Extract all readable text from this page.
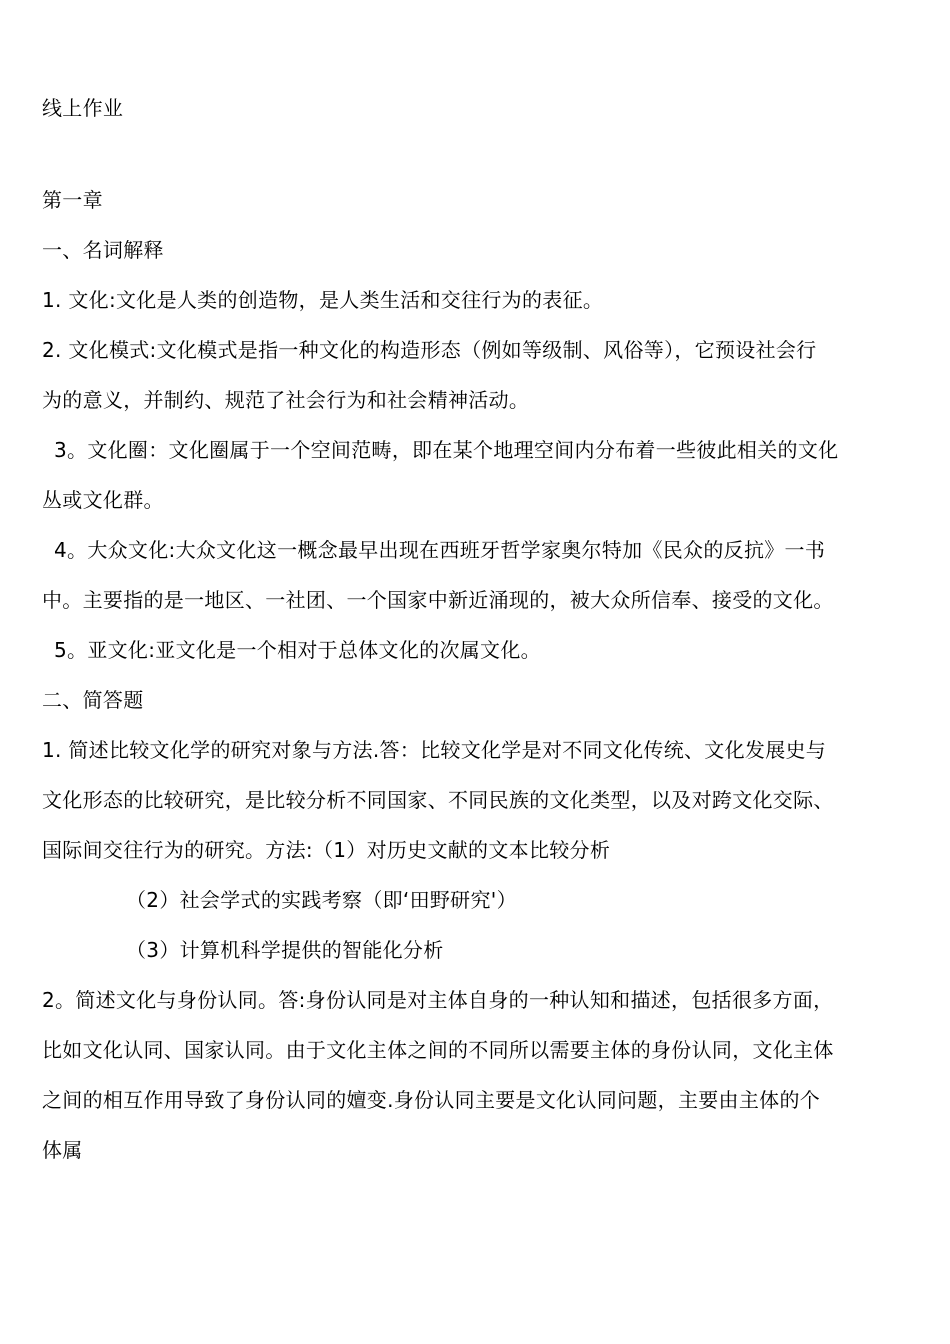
线上作业
第一章
一、名词解释
1. 文化:文化是人类的创造物，是人类生活和交往行为的表征。
2. 文化模式:文化模式是指一种文化的构造形态（例如等级制、风俗等），它预设社会行
为的意义，并制约、规范了社会行为和社会精神活动。
3。文化圈：文化圈属于一个空间范畴，即在某个地理空间内分布着一些彼此相关的文化
丛或文化群。
4。大众文化:大众文化这一概念最早出现在西班牙哲学家奥尔特加《民众的反抗》一书
中。主要指的是一地区、一社团、一个国家中新近涌现的，被大众所信奉、接受的文化。
5。亚文化:亚文化是一个相对于总体文化的次属文化。
二、简答题
1. 简述比较文化学的研究对象与方法.答：比较文化学是对不同文化传统、文化发展史与
文化形态的比较研究，是比较分析不同国家、不同民族的文化类型，以及对跨文化交际、
国际间交往行为的研究。方法:（1）对历史文献的文本比较分析
（2）社会学式的实践考察（即‘田野研究'）
（3）计算机科学提供的智能化分析
2。简述文化与身份认同。答:身份认同是对主体自身的一种认知和描述，包括很多方面，
比如文化认同、国家认同。由于文化主体之间的不同所以需要主体的身份认同，文化主体
之间的相互作用导致了身份认同的嬗变.身份认同主要是文化认同问题，主要由主体的个
体属
